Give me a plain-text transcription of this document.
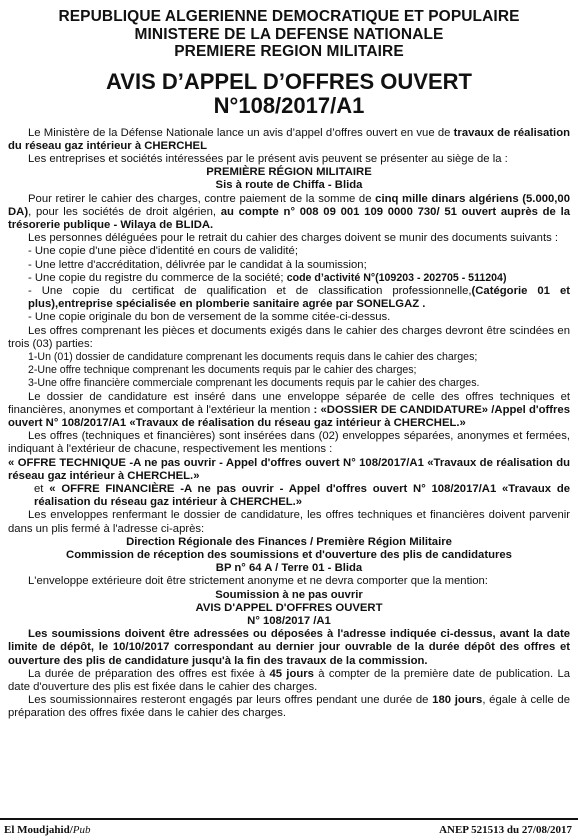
REPUBLIQUE ALGERIENNE DEMOCRATIQUE ET POPULAIRE
MINISTERE DE LA DEFENSE NATIONALE
PREMIERE REGION MILITAIRE
AVIS D’APPEL D’OFFRES OUVERT
N°108/2017/A1
Le Ministère de la Défense Nationale lance un avis d’appel d’offres ouvert en vue de travaux de réalisation du réseau gaz intérieur à CHERCHEL
Les entreprises et sociétés intéressées par le présent avis peuvent se présenter au siège de la :
PREMIÈRE RÉGION MILITAIRE
Sis à route de Chiffa - Blida
Pour retirer le cahier des charges, contre paiement de la somme de cinq mille dinars algériens (5.000,00 DA), pour les sociétés de droit algérien, au compte n° 008 09 001 109 0000 730/ 51 ouvert auprès de la trésorerie publique - Wilaya de BLIDA.
Les personnes déléguées pour le retrait du cahier des charges doivent se munir des documents suivants :
- Une copie d'une pièce d'identité en cours de validité;
- Une lettre d'accréditation, délivrée par le candidat à la soumission;
- Une copie du registre du commerce de la société; code d’activité N°(109203 - 202705 - 511204)
- Une copie du certificat de qualification et de classification professionnelle,(Catégorie 01 et plus),entreprise spécialisée en plomberie sanitaire agrée par SONELGAZ .
- Une copie originale du bon de versement de la somme citée-ci-dessus.
Les offres comprenant les pièces et documents exigés dans le cahier des charges devront être scindées en trois (03) parties:
1-Un (01) dossier de candidature comprenant les documents requis dans le cahier des charges;
2-Une offre technique comprenant les documents requis par le cahier des charges;
3-Une offre financière commerciale comprenant les documents requis par le cahier des charges.
Le dossier de candidature est inséré dans une enveloppe séparée de celle des offres techniques et financières, anonymes et comportant à l'extérieur la mention : «DOSSIER DE CANDIDATURE» /Appel d'offres ouvert N° 108/2017/A1 «Travaux de réalisation du réseau gaz intérieur à CHERCHEL.»
Les offres (techniques et financières) sont insérées dans (02) enveloppes séparées, anonymes et fermées, indiquant à l'extérieur de chacune, respectivement les mentions :
« OFFRE TECHNIQUE -A ne pas ouvrir - Appel d'offres ouvert N° 108/2017/A1 «Travaux de réalisation du réseau gaz intérieur à CHERCHEL.»
et « OFFRE FINANCIÈRE -A ne pas ouvrir - Appel d'offres ouvert N° 108/2017/A1 «Travaux de réalisation du réseau gaz intérieur à CHERCHEL.»
Les enveloppes renfermant le dossier de candidature, les offres techniques et financières doivent parvenir dans un plis fermé à l'adresse ci-après:
Direction Régionale des Finances / Première Région Militaire
Commission de réception des soumissions et d'ouverture des plis de candidatures
BP n° 64 A / Terre 01 - Blida
L'enveloppe extérieure doit être strictement anonyme et ne devra comporter que la mention:
Soumission à ne pas ouvrir
AVIS D'APPEL D'OFFRES OUVERT
N° 108/2017 /A1
Les soumissions doivent être adressées ou déposées à l'adresse indiquée ci-dessus, avant la date limite de dépôt, le 10/10/2017 correspondant au dernier jour ouvrable de la durée dépôt des offres et ouverture des plis de candidature jusqu'à la fin des travaux de la commission.
La durée de préparation des offres est fixée à 45 jours à compter de la première date de publication. La date d'ouverture des plis est fixée dans le cahier des charges.
Les soumissionnaires resteront engagés par leurs offres pendant une durée de 180 jours, égale à celle de préparation des offres fixée dans le cahier des charges.
El Moudjahid/Pub	ANEP 521513 du 27/08/2017
